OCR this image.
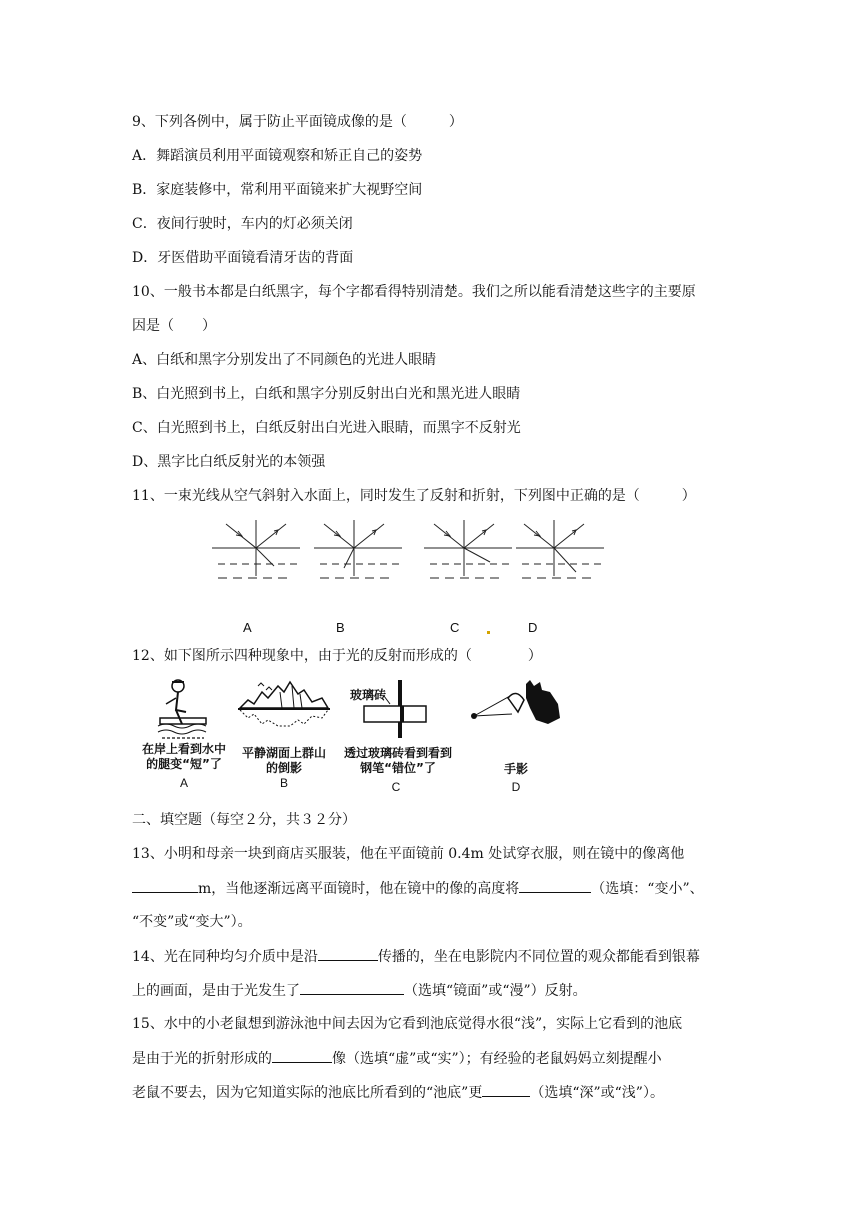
9、下列各例中，属于防止平面镜成像的是（　　　）
A．舞蹈演员利用平面镜观察和矫正自己的姿势
B．家庭装修中，常利用平面镜来扩大视野空间
C．夜间行驶时，车内的灯必须关闭
D．牙医借助平面镜看清牙齿的背面
10、一般书本都是白纸黑字，每个字都看得特别清楚。我们之所以能看清楚这些字的主要原
因是（　　）
A、白纸和黑字分别发出了不同颜色的光进人眼睛
B、白光照到书上，白纸和黑字分别反射出白光和黑光进人眼睛
C、白光照到书上，白纸反射出白光进入眼睛，而黑字不反射光
D、黑字比白纸反射光的本领强
11、一束光线从空气斜射入水面上，同时发生了反射和折射，下列图中正确的是（　　　）
A	B	C	D
12、如下图所示四种现象中，由于光的反射而形成的（　　　　）
玻璃砖
在岸上看到水中
的腿变“短”了
A
平静湖面上群山
的倒影
B
透过玻璃砖看到看到
钢笔“错位”了
C
手影
D
二、填空题（每空２分，共３２分）
13、小明和母亲一块到商店买服装，他在平面镜前 0.4m 处试穿衣服，则在镜中的像离他
m，当他逐渐远离平面镜时，他在镜中的像的高度将	（选填：“变小”、
“不变”或“变大”）。
14、光在同种均匀介质中是沿	传播的，坐在电影院内不同位置的观众都能看到银幕
上的画面，是由于光发生了	（选填“镜面”或“漫”）反射。
15、水中的小老鼠想到游泳池中间去因为它看到池底觉得水很“浅”，实际上它看到的池底
是由于光的折射形成的	像（选填“虚”或“实”）；有经验的老鼠妈妈立刻提醒小
老鼠不要去，因为它知道实际的池底比所看到的“池底”更	（选填“深”或“浅”）。
